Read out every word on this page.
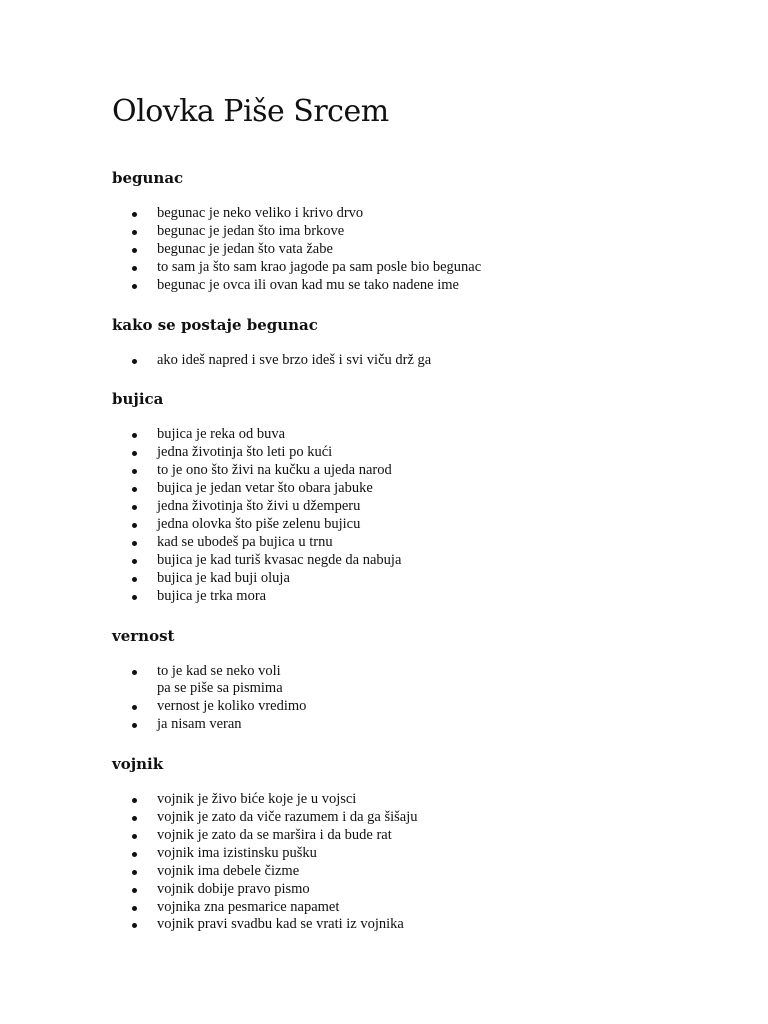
Olovka Piše Srcem
begunac
begunac je neko veliko i krivo drvo
begunac je jedan što ima brkove
begunac je jedan što vata žabe
to sam ja što sam krao jagode pa sam posle bio begunac
begunac je ovca ili ovan kad mu se tako nadene ime
kako se postaje begunac
ako ideš napred i sve brzo ideš i svi viču drž ga
bujica
bujica je reka od buva
jedna životinja što leti po kući
to je ono što živi na kučku a ujeda narod
bujica je jedan vetar što obara jabuke
jedna životinja što živi u džemperu
jedna olovka što piše zelenu bujicu
kad se ubodeš pa bujica u trnu
bujica je kad turiš kvasac negde da nabuja
bujica je kad buji oluja
bujica je trka mora
vernost
to je kad se neko voli
pa se piše sa pismima
vernost je koliko vredimo
ja nisam veran
vojnik
vojnik je živo biće koje je u vojsci
vojnik je zato da viče razumem i da ga šišaju
vojnik je zato da se marširа i da bude rat
vojnik ima izistinsku pušku
vojnik ima debele čizme
vojnik dobije pravo pismo
vojnika zna pesmarice napamet
vojnik pravi svadbu kad se vrati iz vojnika
